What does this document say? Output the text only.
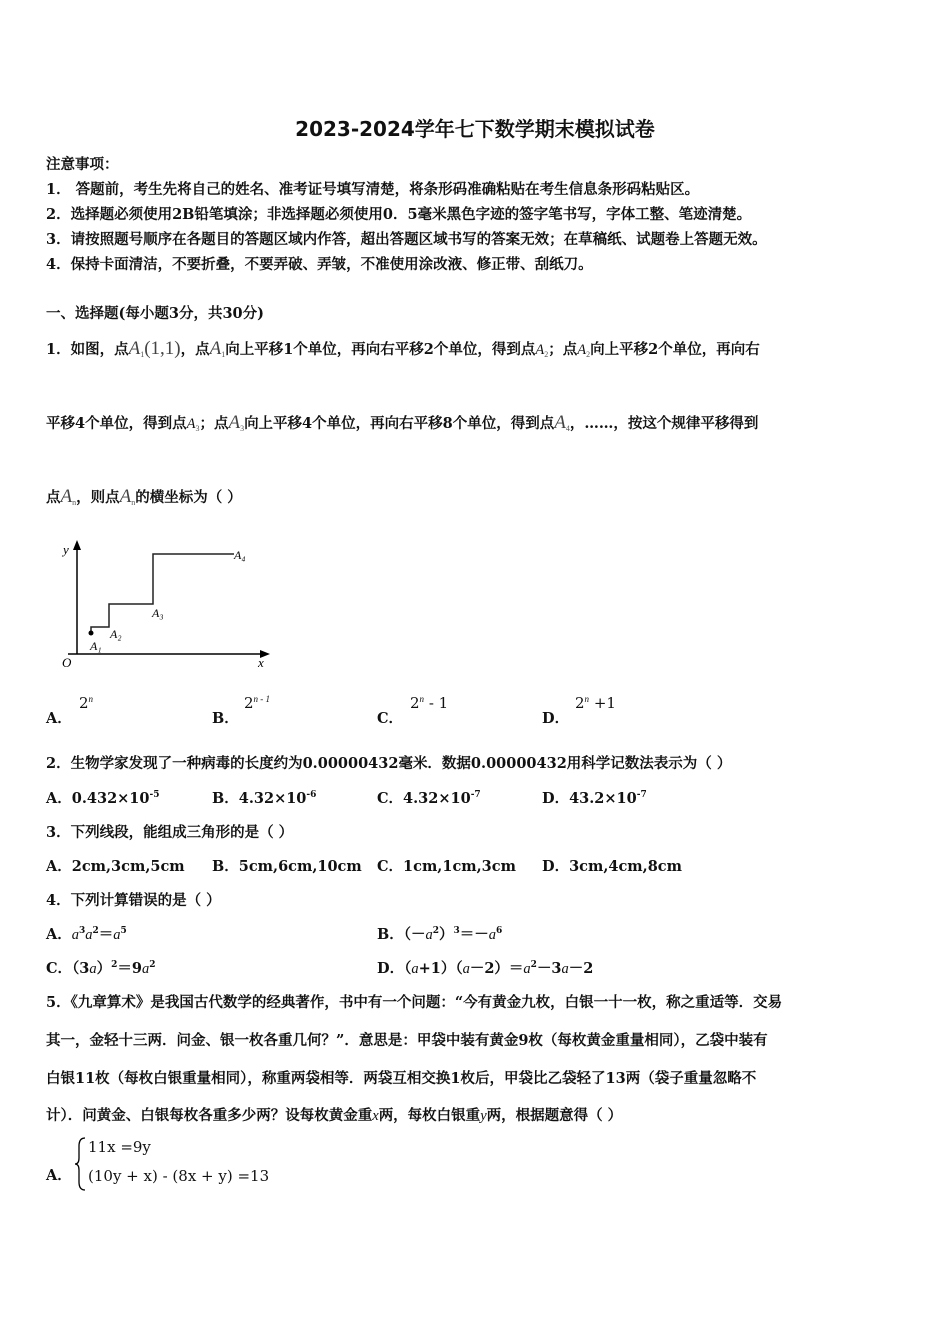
2023-2024学年七下数学期末模拟试卷
注意事项：
1． 答题前，考生先将自己的姓名、准考证号填写清楚，将条形码准确粘贴在考生信息条形码粘贴区。
2．选择题必须使用2B铅笔填涂；非选择题必须使用0．5毫米黑色字迹的签字笔书写，字体工整、笔迹清楚。
3．请按照题号顺序在各题目的答题区域内作答，超出答题区域书写的答案无效；在草稿纸、试题卷上答题无效。
4．保持卡面清洁，不要折叠，不要弄破、弄皱，不准使用涂改液、修正带、刮纸刀。
一、选择题(每小题3分，共30分)
1．如图，点$A_1(1,1)$，点$A_1$向上平移1个单位，再向右平移2个单位，得到点$A_2$；点$A_2$向上平移2个单位，再向右
平移4个单位，得到点$A_3$；点$A_3$向上平移4个单位，再向右平移8个单位，得到点$A_4$，……，按这个规律平移得到
点$A_n$，则点$A_n$的横坐标为（ ）
y
x
O
A₁
A₂
A₃
A₄
A．
2$^n$
B．
2$^{n - 1}$
C．
2$^n$ - 1
D．
$2^n +1$
2．生物学家发现了一种病毒的长度约为0.00000432毫米．数据0.00000432用科学记数法表示为（ ）
A．$0.432\times 10^{-5}$	B．$4.32\times 10^{-6}$	C．$4.32\times 10^{-7}$	D．$43.2\times 10^{-7}$
3．下列线段，能组成三角形的是（ ）
A．2cm,3cm,5cm B．5cm,6cm,10cm C．1cm,1cm,3cm D．3cm,4cm,8cm
4．下列计算错误的是（ ）
A．$a^3a^2=a^5$	B．$(-a^2)^3=-a^6$
C．$(3a)^2=9a^2$	D．$(a+1)(a-2)=a^2-3a-2$
5．《九章算术》是我国古代数学的经典著作，书中有一个问题：“今有黄金九枚，白银一十一枚，称之重适等．交易
其一，金轻十三两．问金、银一枚各重几何？”．意思是：甲袋中装有黄金9枚（每枚黄金重量相同），乙袋中装有
白银11枚（每枚白银重量相同），称重两袋相等．两袋互相交换1枚后，甲袋比乙袋轻了13两（袋子重量忽略不
计）．问黄金、白银每枚各重多少两？设每枚黄金重x两，每枚白银重y两，根据题意得（ ）
A．
11x =9y
(10y + x) - (8x + y) =13
